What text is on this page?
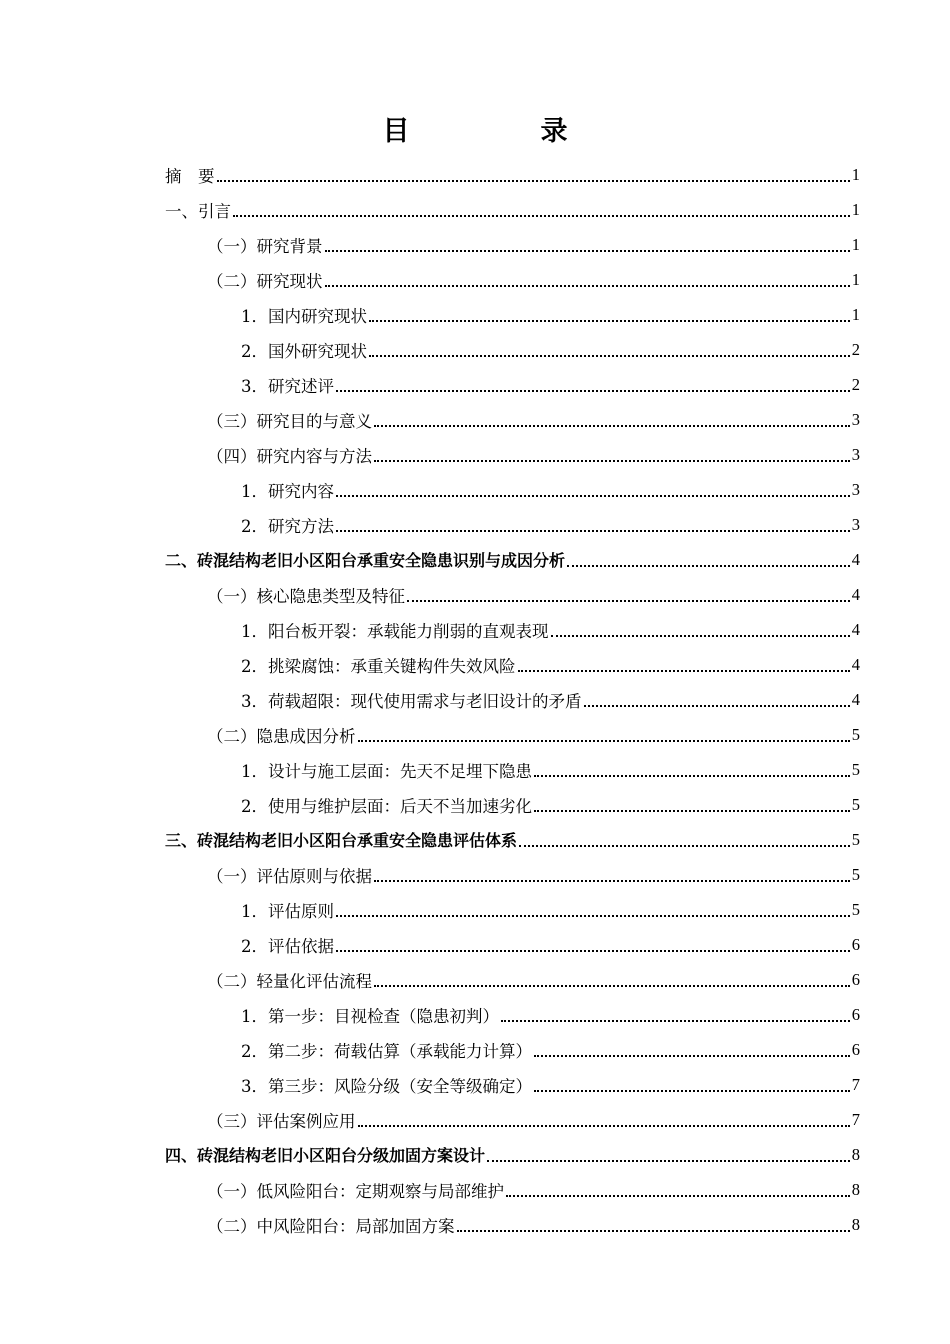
目　录
摘　要	1
一、引言	1
（一）研究背景	1
（二）研究现状	1
1．国内研究现状	1
2．国外研究现状	2
3．研究述评	2
（三）研究目的与意义	3
（四）研究内容与方法	3
1．研究内容	3
2．研究方法	3
二、砖混结构老旧小区阳台承重安全隐患识别与成因分析	4
（一）核心隐患类型及特征	4
1．阳台板开裂：承载能力削弱的直观表现	4
2．挑梁腐蚀：承重关键构件失效风险	4
3．荷载超限：现代使用需求与老旧设计的矛盾	4
（二）隐患成因分析	5
1．设计与施工层面：先天不足埋下隐患	5
2．使用与维护层面：后天不当加速劣化	5
三、砖混结构老旧小区阳台承重安全隐患评估体系	5
（一）评估原则与依据	5
1．评估原则	5
2．评估依据	6
（二）轻量化评估流程	6
1．第一步：目视检查（隐患初判）	6
2．第二步：荷载估算（承载能力计算）	6
3．第三步：风险分级（安全等级确定）	7
（三）评估案例应用	7
四、砖混结构老旧小区阳台分级加固方案设计	8
（一）低风险阳台：定期观察与局部维护	8
（二）中风险阳台：局部加固方案	8
